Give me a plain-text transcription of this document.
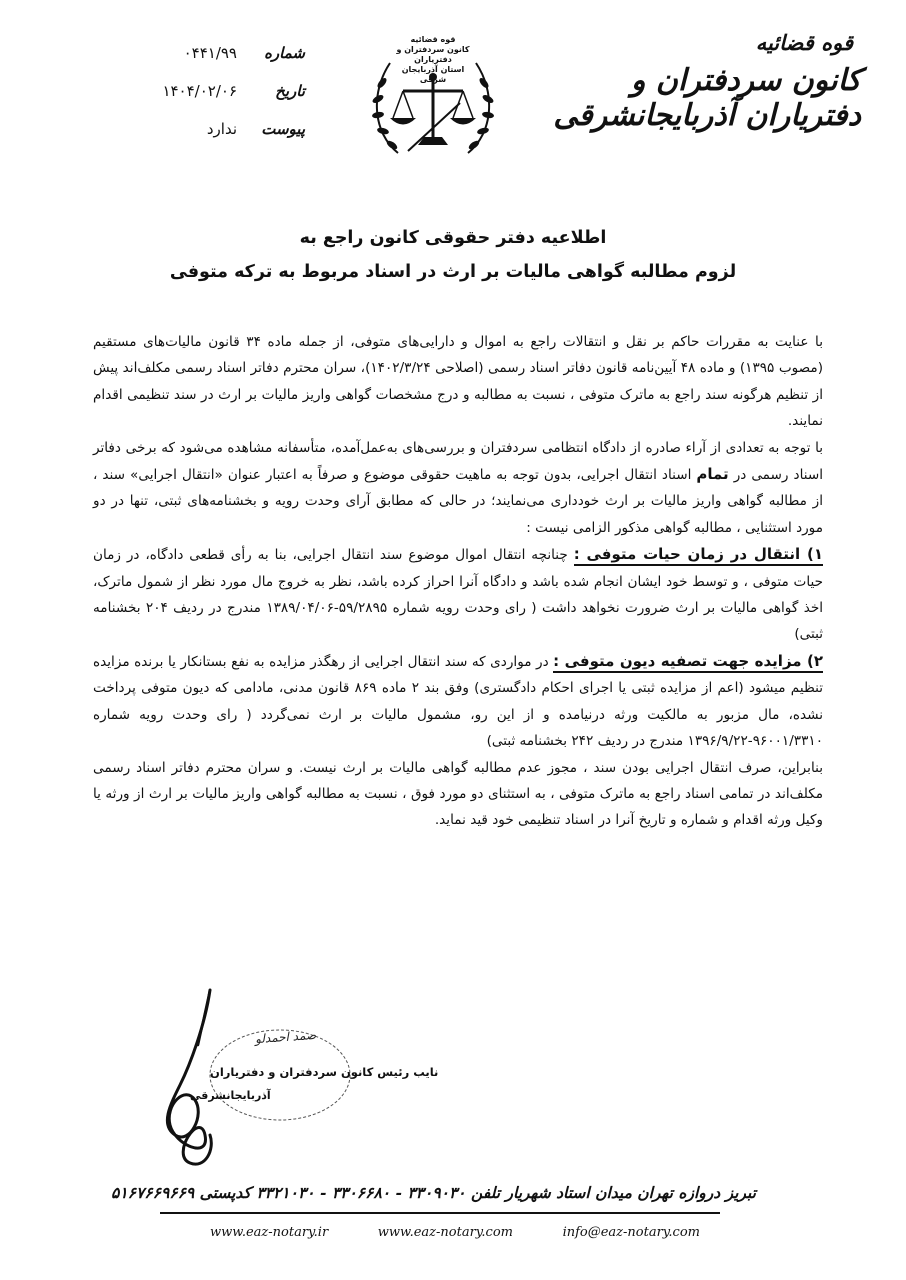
قوه قضائیه
کانون سردفتران و دفتریاران آذربایجانشرقی
قوه قضائیه
کانون سردفتران و دفتریاران
استان آذربایجان شرقی
شماره
۰۴۴۱/۹۹
تاریخ
۱۴۰۴/۰۲/۰۶
پیوست
ندارد
اطلاعیه دفتر حقوقی کانون راجع به
لزوم مطالبه گواهی مالیات بر ارث در اسناد مربوط به ترکه متوفی

با عنایت به مقررات حاکم بر نقل و انتقالات راجع به اموال و دارایی‌های متوفی، از جمله ماده ۳۴ قانون مالیات‌های مستقیم (مصوب ۱۳۹۵) و ماده ۴۸ آیین‌نامه قانون دفاتر اسناد رسمی (اصلاحی ۱۴۰۲/۳/۲۴)، سران محترم دفاتر اسناد رسمی مکلف‌اند پیش از تنظیم هرگونه سند راجع به ماترک متوفی ، نسبت به مطالبه و درج مشخصات گواهی واریز مالیات بر ارث در سند تنظیمی اقدام نمایند.

با توجه به تعدادی از آراء صادره از دادگاه انتظامی سردفتران و بررسی‌های به‌عمل‌آمده، متأسفانه مشاهده می‌شود که برخی دفاتر اسناد رسمی در تمام اسناد انتقال اجرایی، بدون توجه به ماهیت حقوقی موضوع و صرفاً به اعتبار عنوان «انتقال اجرایی» سند ، از مطالبه گواهی واریز مالیات بر ارث خودداری می‌نمایند؛ در حالی که مطابق آرای وحدت رویه و بخشنامه‌های ثبتی، تنها در دو مورد استثنایی ، مطالبه گواهی مذکور الزامی نیست :

۱) انتقال در زمان حیات متوفی : چنانچه انتقال اموال موضوع سند انتقال اجرایی، بنا به رأی قطعی دادگاه، در زمان حیات متوفی ، و توسط خود ایشان انجام شده باشد و دادگاه آنرا احراز کرده باشد، نظر به خروج مال مورد نظر از شمول ماترک، اخذ گواهی مالیات بر ارث ضرورت نخواهد داشت ( رای وحدت رویه شماره ۵۹/۲۸۹۵-۱۳۸۹/۰۴/۰۶ مندرج در ردیف ۲۰۴ بخشنامه ثبتی)

۲) مزایده جهت تصفیه دیون متوفی : در مواردی که سند انتقال اجرایی از رهگذر مزایده به نفع بستانکار یا برنده مزایده تنظیم میشود (اعم از مزایده ثبتی یا اجرای احکام دادگستری) وفق بند ۲ ماده ۸۶۹ قانون مدنی، مادامی که دیون متوفی پرداخت نشده، مال مزبور به مالکیت ورثه درنیامده و از این رو، مشمول مالیات بر ارث نمی‌گردد ( رای وحدت رویه شماره ۹۶۰۰۱/۳۳۱۰-۱۳۹۶/۹/۲۲ مندرج در ردیف ۲۴۲ بخشنامه ثبتی)

بنابراین، صرف انتقال اجرایی بودن سند ، مجوز عدم مطالبه گواهی مالیات بر ارث نیست. و سران محترم دفاتر اسناد رسمی مکلف‌اند در تمامی اسناد راجع به ماترک متوفی ، به استثنای دو مورد فوق ، نسبت به مطالبه گواهی واریز مالیات بر ارث از ورثه یا وکیل ورثه اقدام و شماره و تاریخ آنرا در اسناد تنظیمی خود قید نماید.

صمد احمدلو
نایب رئیس کانون سردفتران و دفتریاران
آذربایجانشرقی
تبریز دروازه تهران میدان استاد شهریار تلفن ۳۳۰۹۰۳۰ - ۳۳۰۶۶۸۰ - ۳۳۲۱۰۳۰ کدپستی ۵۱۶۷۶۶۹۶۶۹
info@eaz-notary.com
www.eaz-notary.com
www.eaz-notary.ir
